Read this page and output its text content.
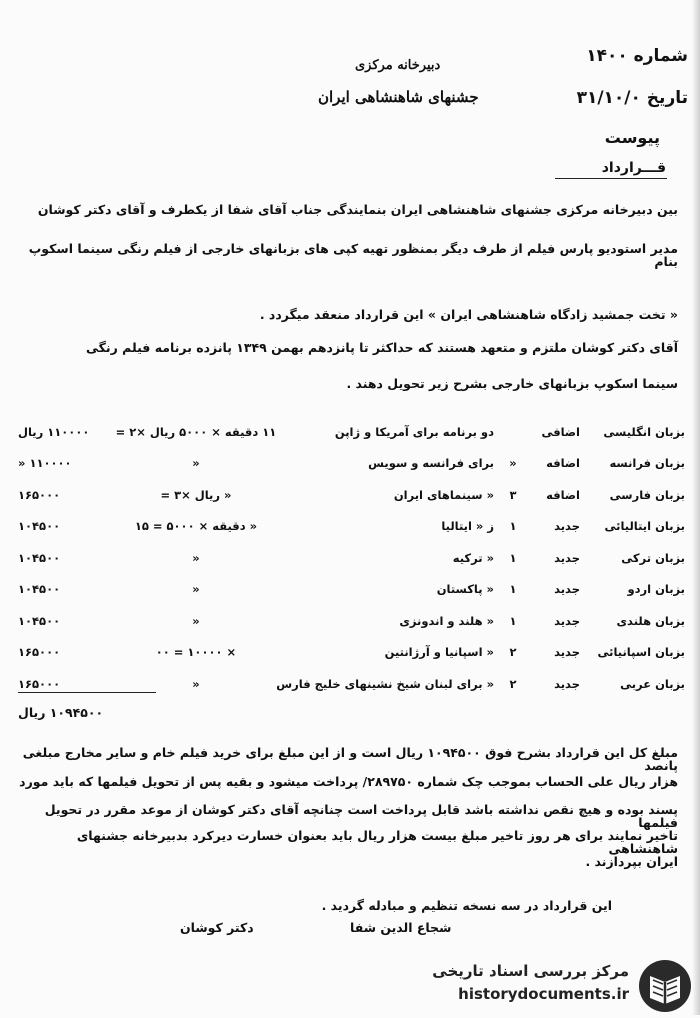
دبیرخانه مرکزی
جشنهای شاهنشاهی ایران
شماره ۱۴۰۰
تاریخ ۳۱/۱۰/۰
پیوست
قـــرارداد
بین دبیرخانه مرکزی جشنهای شاهنشاهی ایران بنمایندگی جناب آقای شفا از یکطرف و آقای دکتر کوشان
مدیر استودیو پارس فیلم از طرف دیگر بمنظور تهیه کپی های بزبانهای خارجی از فیلم رنگی سینما اسکوپ بنام
« تخت جمشید زادگاه شاهنشاهی ایران » این قرارداد منعقد میگردد .
آقای دکتر کوشان ملتزم و متعهد هستند که حداکثر تا پانزدهم بهمن ۱۳۴۹ پانزده برنامه فیلم رنگی
سینما اسکوپ بزبانهای خارجی بشرح زیر تحویل دهند .
بزبان انگلیسی	اضافی		دو برنامه برای آمریکا و ژاپن	۱۱ دقیقه × ۵۰۰۰ ریال ×۲ =	۱۱۰۰۰۰ ریال
بزبان فرانسه	اضافه	«	برای فرانسه و سویس	«	۱۱۰۰۰۰ «
بزبان فارسی	اضافه	۳	« سینماهای ایران	« ریال ×۳ =	۱۶۵۰۰۰
بزبان ایتالیائی	جدید	۱	ز « ایتالیا	« دقیقه × ۵۰۰۰ = ۱۵	۱۰۴۵۰۰
بزبان ترکی	جدید	۱	« ترکیه	«	۱۰۴۵۰۰
بزبان اردو	جدید	۱	« پاکستان	«	۱۰۴۵۰۰
بزبان هلندی	جدید	۱	« هلند و اندونزی	«	۱۰۴۵۰۰
بزبان اسپانیائی	جدید	۲	« اسپانیا و آرژانتین	× ۱۰۰۰۰ = ۰۰	۱۶۵۰۰۰
بزبان عربی	جدید	۲	« برای لبنان شیخ نشینهای خلیج فارس	«	۱۶۵۰۰۰
۱۰۹۴۵۰۰ ریال
مبلغ کل این قرارداد بشرح فوق ۱۰۹۴۵۰۰ ریال است و از این مبلغ برای خرید فیلم خام و سایر مخارج مبلغی پانصد
هزار ریال علی الحساب بموجب چک شماره ۲۸۹۷۵۰/ پرداخت میشود و بقیه پس از تحویل فیلمها که باید مورد
پسند بوده و هیچ نقص نداشته باشد قابل پرداخت است چنانچه آقای دکتر کوشان از موعد مقرر در تحویل فیلمها
تاخیر نمایند برای هر روز تاخیر مبلغ بیست هزار ریال باید بعنوان خسارت دیرکرد بدبیرخانه جشنهای شاهنشاهی
ایران بپردازند .
این قرارداد در سه نسخه تنظیم و مبادله گردید .
دکتر کوشان	شجاع الدین شفا
مرکز بررسی اسناد تاریخی
historydocuments.ir
